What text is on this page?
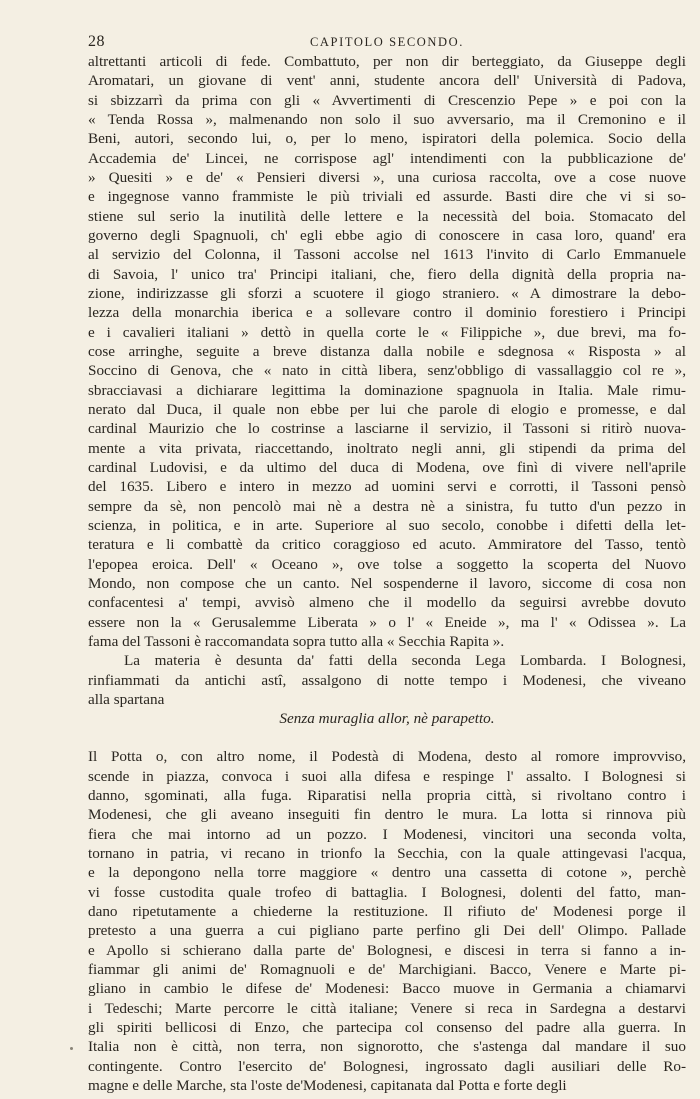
28	CAPITOLO SECONDO.
altrettanti articoli di fede. Combattuto, per non dir berteggiato, da Giuseppe degli
Aromatari, un giovane di vent' anni, studente ancora dell' Università di Padova,
si sbizzarrì da prima con gli « Avvertimenti di Crescenzio Pepe » e poi con la
« Tenda Rossa », malmenando non solo il suo avversario, ma il Cremonino e il
Beni, autori, secondo lui, o, per lo meno, ispiratori della polemica. Socio della
Accademia de' Lincei, ne corrispose agl' intendimenti con la pubblicazione de'
» Quesiti » e de' « Pensieri diversi », una curiosa raccolta, ove a cose nuove
e ingegnose vanno frammiste le più triviali ed assurde. Basti dire che vi si so-
stiene sul serio la inutilità delle lettere e la necessità del boia. Stomacato del
governo degli Spagnuoli, ch' egli ebbe agio di conoscere in casa loro, quand' era
al servizio del Colonna, il Tassoni accolse nel 1613 l'invito di Carlo Emmanuele
di Savoia, l' unico tra' Principi italiani, che, fiero della dignità della propria na-
zione, indirizzasse gli sforzi a scuotere il giogo straniero. « A dimostrare la debo-
lezza della monarchia iberica e a sollevare contro il dominio forestiero i Principi
e i cavalieri italiani » dettò in quella corte le « Filippiche », due brevi, ma fo-
cose arringhe, seguite a breve distanza dalla nobile e sdegnosa « Risposta » al
Soccino di Genova, che « nato in città libera, senz'obbligo di vassallaggio col re »,
sbracciavasi a dichiarare legittima la dominazione spagnuola in Italia. Male rimu-
nerato dal Duca, il quale non ebbe per lui che parole di elogio e promesse, e dal
cardinal Maurizio che lo costrinse a lasciarne il servizio, il Tassoni si ritirò nuova-
mente a vita privata, riaccettando, inoltrato negli anni, gli stipendi da prima del
cardinal Ludovisi, e da ultimo del duca di Modena, ove finì di vivere nell'aprile
del 1635. Libero e intero in mezzo ad uomini servi e corrotti, il Tassoni pensò
sempre da sè, non pencolò mai nè a destra nè a sinistra, fu tutto d'un pezzo in
scienza, in politica, e in arte. Superiore al suo secolo, conobbe i difetti della let-
teratura e li combattè da critico coraggioso ed acuto. Ammiratore del Tasso, tentò
l'epopea eroica. Dell' « Oceano », ove tolse a soggetto la scoperta del Nuovo
Mondo, non compose che un canto. Nel sospenderne il lavoro, siccome di cosa non
confacentesi a' tempi, avvisò almeno che il modello da seguirsi avrebbe dovuto
essere non la « Gerusalemme Liberata » o l' « Eneide », ma l' « Odissea ». La
fama del Tassoni è raccomandata sopra tutto alla « Secchia Rapita ».
La materia è desunta da' fatti della seconda Lega Lombarda. I Bolognesi,
rinfiammati da antichi astî, assalgono di notte tempo i Modenesi, che viveano
alla spartana
Senza muraglia allor, nè parapetto.
Il Potta o, con altro nome, il Podestà di Modena, desto al romore improvviso,
scende in piazza, convoca i suoi alla difesa e respinge l' assalto. I Bolognesi si
danno, sgominati, alla fuga. Riparatisi nella propria città, si rivoltano contro i
Modenesi, che gli aveano inseguiti fin dentro le mura. La lotta si rinnova più
fiera che mai intorno ad un pozzo. I Modenesi, vincitori una seconda volta,
tornano in patria, vi recano in trionfo la Secchia, con la quale attingevasi l'acqua,
e la depongono nella torre maggiore « dentro una cassetta di cotone », perchè
vi fosse custodita quale trofeo di battaglia. I Bolognesi, dolenti del fatto, man-
dano ripetutamente a chiederne la restituzione. Il rifiuto de' Modenesi porge il
pretesto a una guerra a cui pigliano parte perfino gli Dei dell' Olimpo. Pallade
e Apollo si schierano dalla parte de' Bolognesi, e discesi in terra si fanno a in-
fiammar gli animi de' Romagnuoli e de' Marchigiani. Bacco, Venere e Marte pi-
gliano in cambio le difese de' Modenesi: Bacco muove in Germania a chiamarvi
i Tedeschi; Marte percorre le città italiane; Venere si reca in Sardegna a destarvi
gli spiriti bellicosi di Enzo, che partecipa col consenso del padre alla guerra. In
Italia non è città, non terra, non signorotto, che s'astenga dal mandare il suo
contingente. Contro l'esercito de' Bolognesi, ingrossato dagli ausiliari delle Ro-
magne e delle Marche, sta l'oste de'Modenesi, capitanata dal Potta e forte degli
